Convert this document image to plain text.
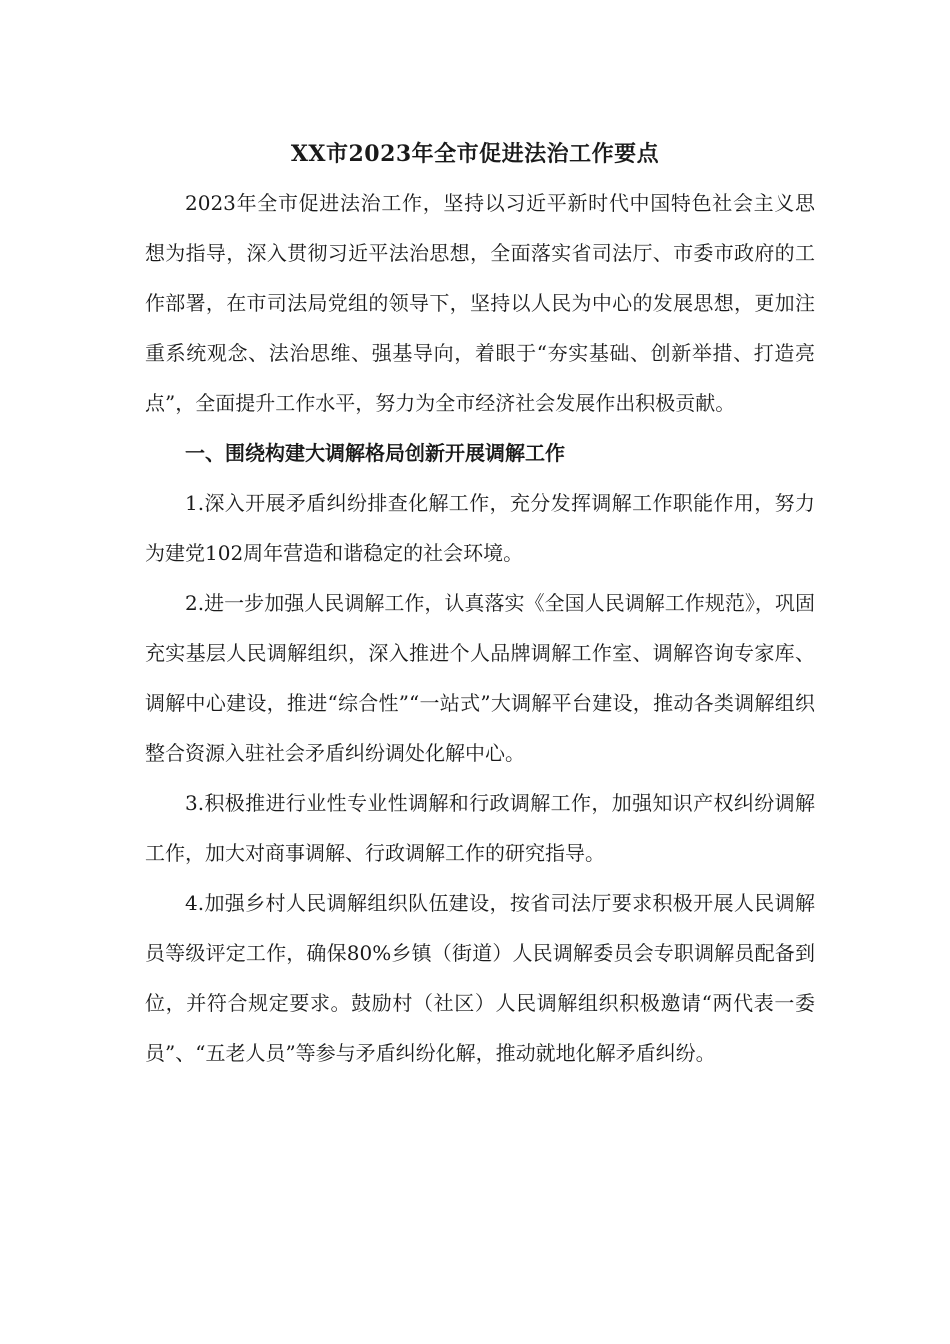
XX市2023年全市促进法治工作要点

2023年全市促进法治工作，坚持以习近平新时代中国特色社会主义思想为指导，深入贯彻习近平法治思想，全面落实省司法厅、市委市政府的工作部署，在市司法局党组的领导下，坚持以人民为中心的发展思想，更加注重系统观念、法治思维、强基导向，着眼于“夯实基础、创新举措、打造亮点”，全面提升工作水平，努力为全市经济社会发展作出积极贡献。

一、围绕构建大调解格局创新开展调解工作

1.深入开展矛盾纠纷排查化解工作，充分发挥调解工作职能作用，努力为建党102周年营造和谐稳定的社会环境。

2.进一步加强人民调解工作，认真落实《全国人民调解工作规范》，巩固充实基层人民调解组织，深入推进个人品牌调解工作室、调解咨询专家库、调解中心建设，推进“综合性”“一站式”大调解平台建设，推动各类调解组织整合资源入驻社会矛盾纠纷调处化解中心。

3.积极推进行业性专业性调解和行政调解工作，加强知识产权纠纷调解工作，加大对商事调解、行政调解工作的研究指导。

4.加强乡村人民调解组织队伍建设，按省司法厅要求积极开展人民调解员等级评定工作，确保80%乡镇（街道）人民调解委员会专职调解员配备到位，并符合规定要求。鼓励村（社区）人民调解组织积极邀请“两代表一委员”、“五老人员”等参与矛盾纠纷化解，推动就地化解矛盾纠纷。
